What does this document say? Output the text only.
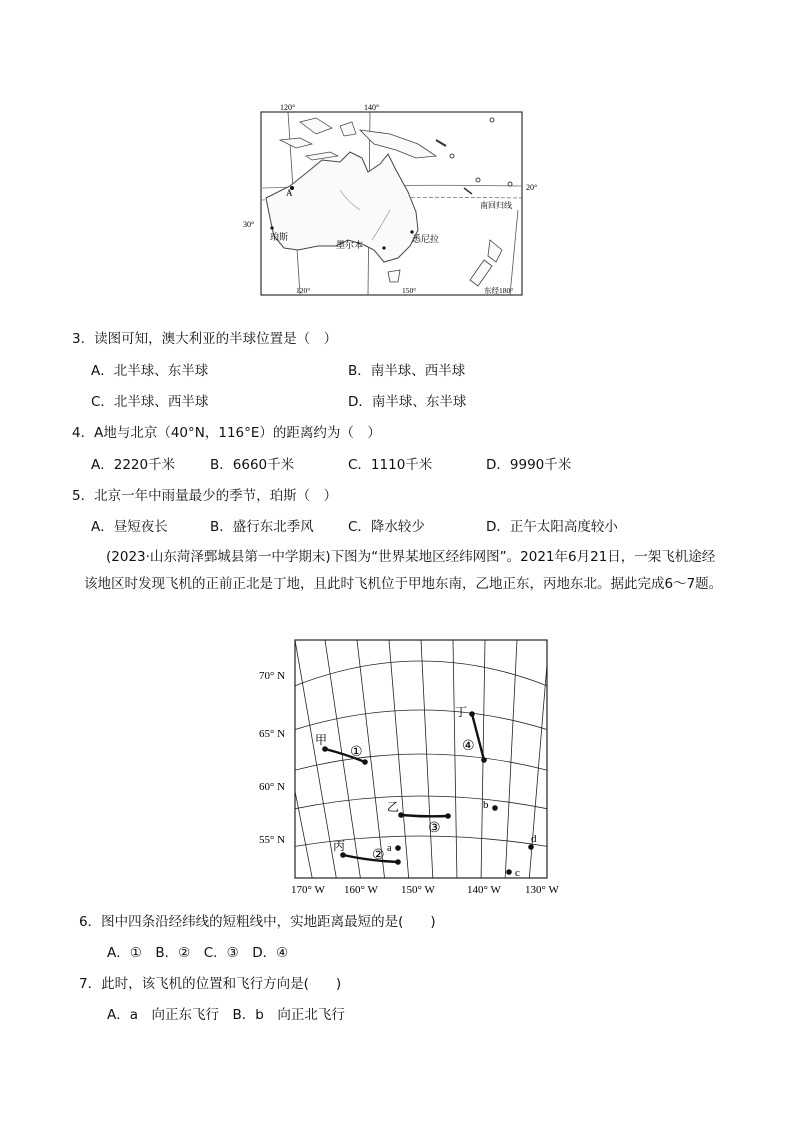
120°	140°
20°
30°
A
珀斯
墨尔本
悉尼拉
南回归线
120°	150°	东经180°
3．读图可知，澳大利亚的半球位置是（　）
A．北半球、东半球	B．南半球、西半球
C．北半球、西半球	D．南半球、东半球
4．A地与北京（40°N，116°E）的距离约为（　）
A．2220千米	B．6660千米	C．1110千米	D．9990千米
5．北京一年中雨量最少的季节，珀斯（　）
A．昼短夜长	B．盛行东北季风	C．降水较少	D．正午太阳高度较小
(2023·山东菏泽鄄城县第一中学期末)下图为“世界某地区经纬网图”。2021年6月21日，一架飞机途经该地区时发现飞机的正前正北是丁地，且此时飞机位于甲地东南，乙地正东，丙地东北。据此完成6～7题。
甲
丁
乙
丙
①	④
③
② a
b
c
d
70° N
65° N
60° N
55° N
170° W 160° W 150° W	140° W 130° W
6．图中四条沿经纬线的短粗线中，实地距离最短的是(　　)
A．①　B．②　C．③　D．④
7．此时，该飞机的位置和飞行方向是(　　)
A．a　向正东飞行　B．b　向正北飞行
